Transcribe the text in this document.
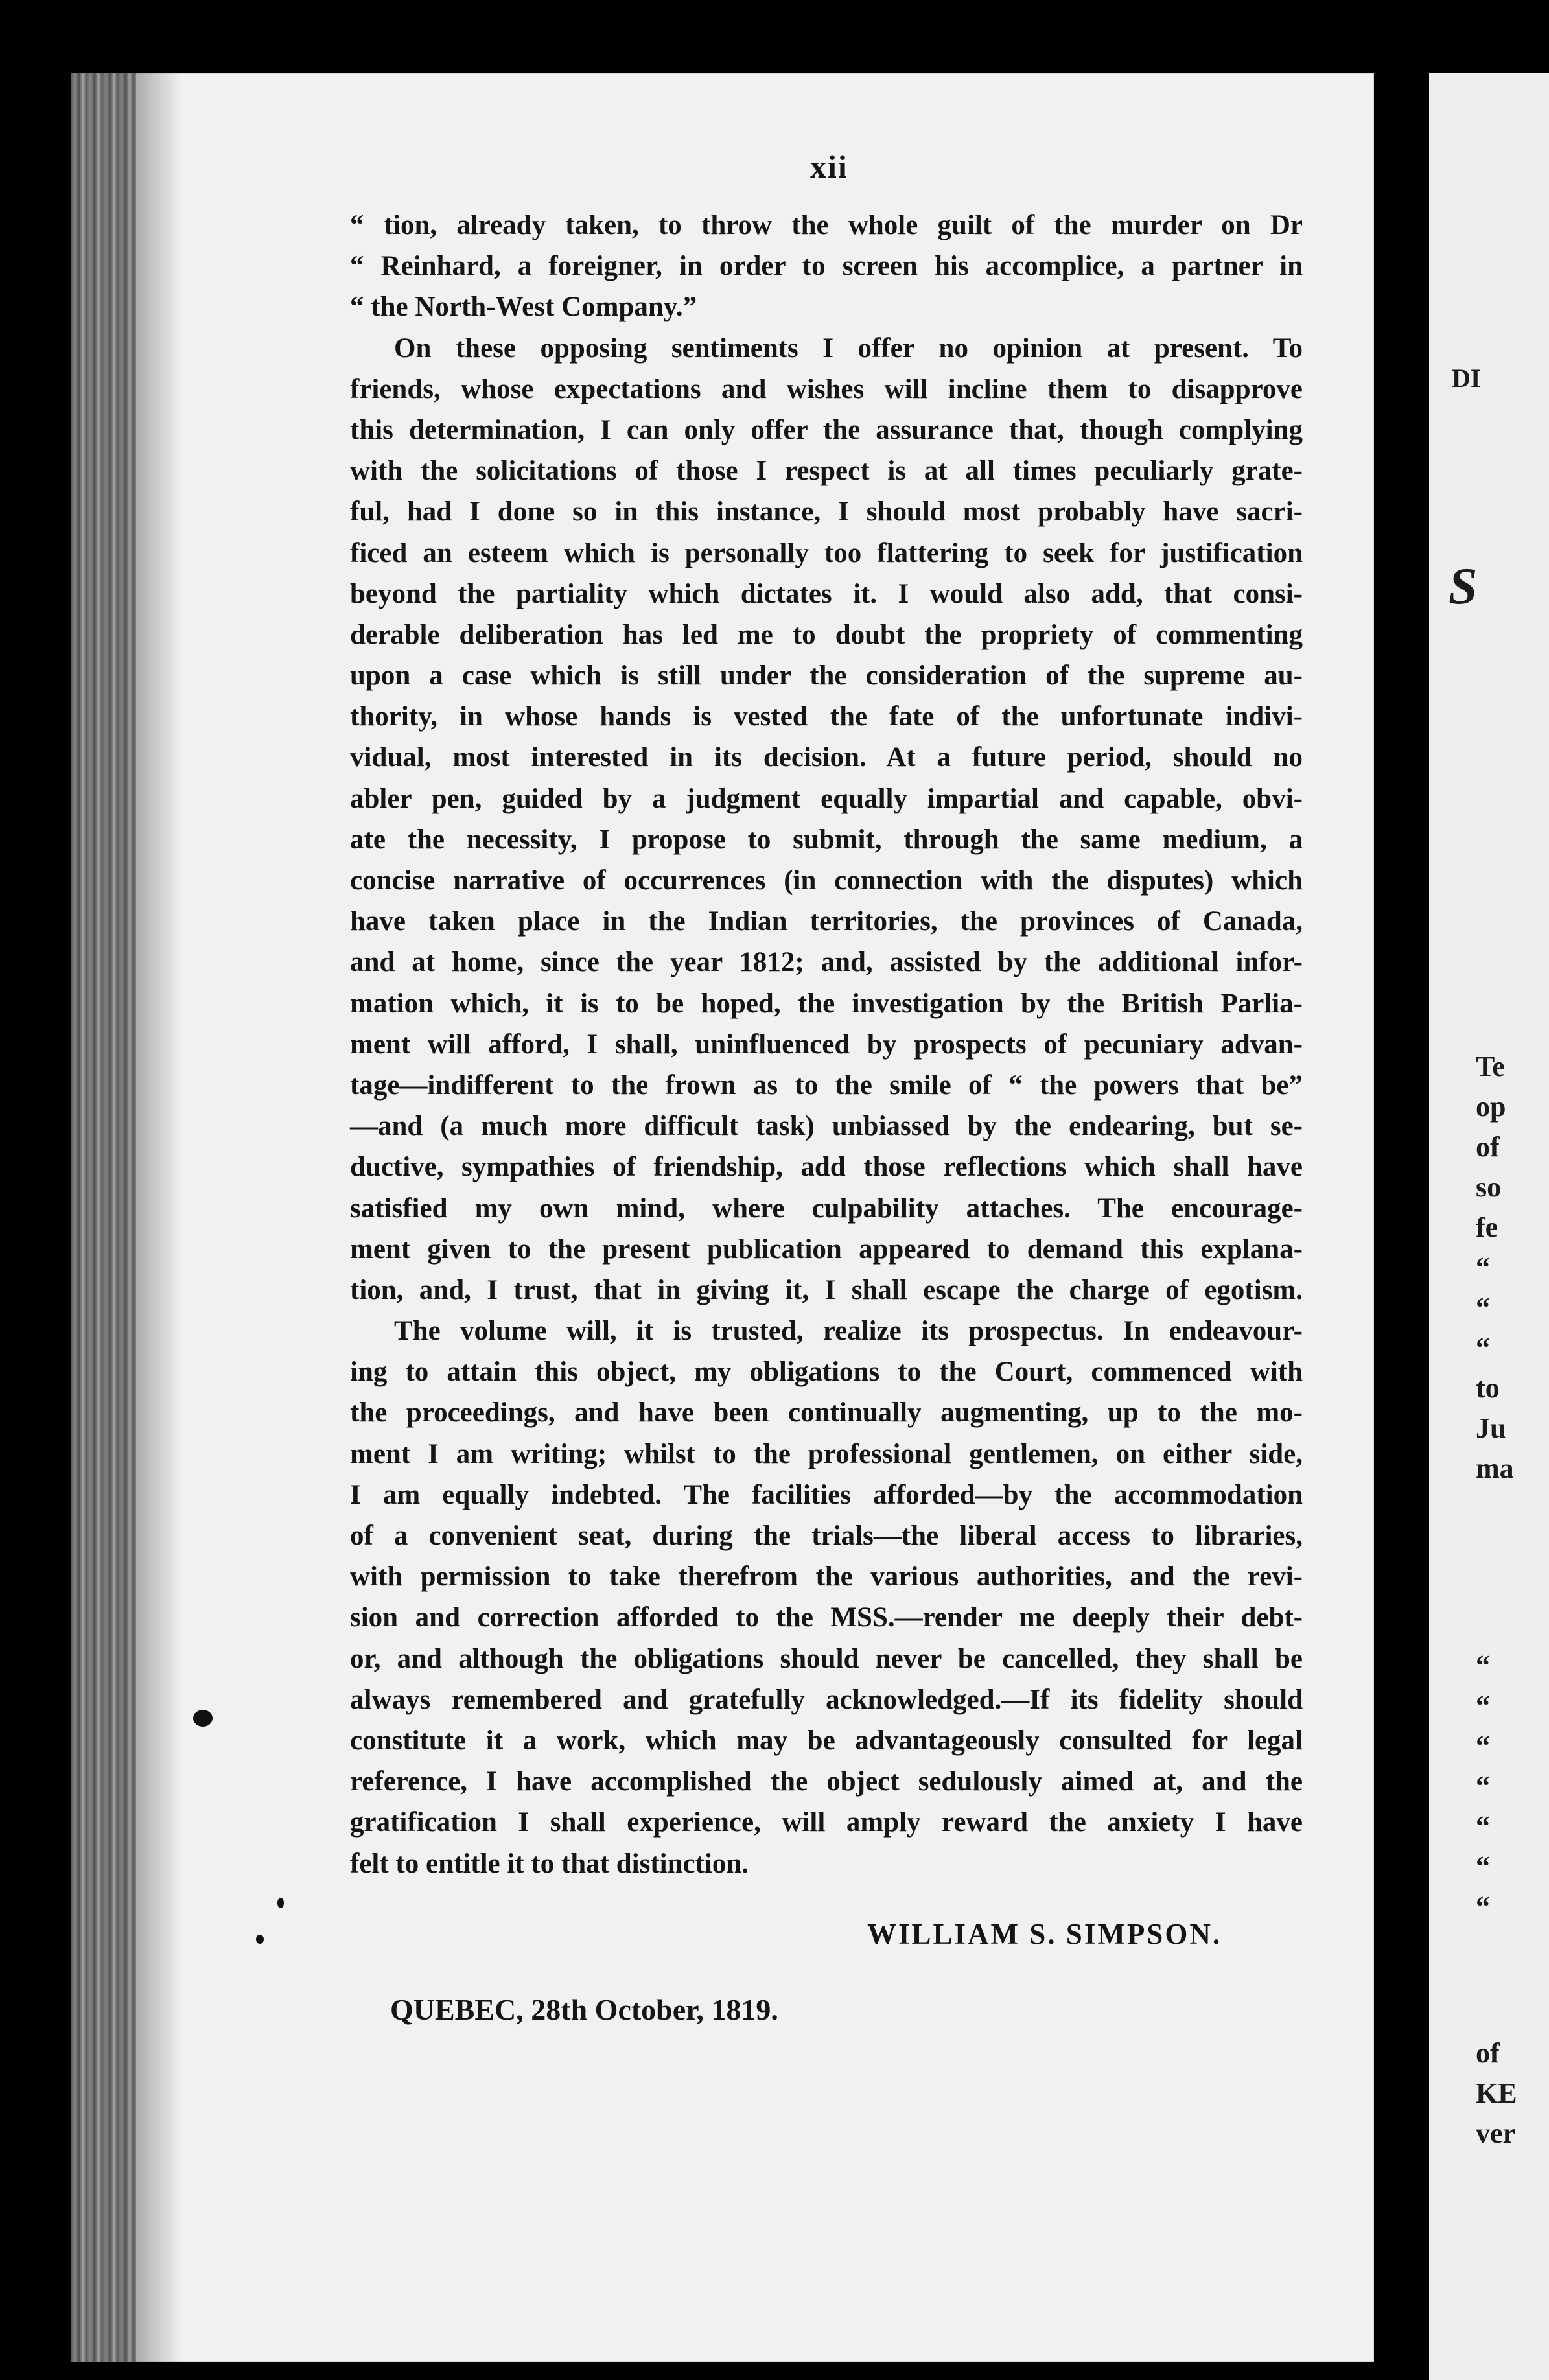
DI
S
Te
op
of
so
fe
“
“
“
to
Ju
ma
“
“
“
“
“
“
“
of
KE
ver
xii
“ tion, already taken, to throw the whole guilt of the murder on Dr
“ Reinhard, a foreigner, in order to screen his accomplice, a partner in
“ the North-West Company.”
On these opposing sentiments I offer no opinion at present. To
friends, whose expectations and wishes will incline them to disapprove
this determination, I can only offer the assurance that, though complying
with the solicitations of those I respect is at all times peculiarly grate-
ful, had I done so in this instance, I should most probably have sacri-
ficed an esteem which is personally too flattering to seek for justification
beyond the partiality which dictates it. I would also add, that consi-
derable deliberation has led me to doubt the propriety of commenting
upon a case which is still under the consideration of the supreme au-
thority, in whose hands is vested the fate of the unfortunate indivi-
vidual, most interested in its decision. At a future period, should no
abler pen, guided by a judgment equally impartial and capable, obvi-
ate the necessity, I propose to submit, through the same medium, a
concise narrative of occurrences (in connection with the disputes) which
have taken place in the Indian territories, the provinces of Canada,
and at home, since the year 1812; and, assisted by the additional infor-
mation which, it is to be hoped, the investigation by the British Parlia-
ment will afford, I shall, uninfluenced by prospects of pecuniary advan-
tage—indifferent to the frown as to the smile of “ the powers that be”
—and (a much more difficult task) unbiassed by the endearing, but se-
ductive, sympathies of friendship, add those reflections which shall have
satisfied my own mind, where culpability attaches. The encourage-
ment given to the present publication appeared to demand this explana-
tion, and, I trust, that in giving it, I shall escape the charge of egotism.
The volume will, it is trusted, realize its prospectus. In endeavour-
ing to attain this object, my obligations to the Court, commenced with
the proceedings, and have been continually augmenting, up to the mo-
ment I am writing; whilst to the professional gentlemen, on either side,
I am equally indebted. The facilities afforded—by the accommodation
of a convenient seat, during the trials—the liberal access to libraries,
with permission to take therefrom the various authorities, and the revi-
sion and correction afforded to the MSS.—render me deeply their debt-
or, and although the obligations should never be cancelled, they shall be
always remembered and gratefully acknowledged.—If its fidelity should
constitute it a work, which may be advantageously consulted for legal
reference, I have accomplished the object sedulously aimed at, and the
gratification I shall experience, will amply reward the anxiety I have
felt to entitle it to that distinction.
WILLIAM S. SIMPSON.
QUEBEC, 28th October, 1819.
